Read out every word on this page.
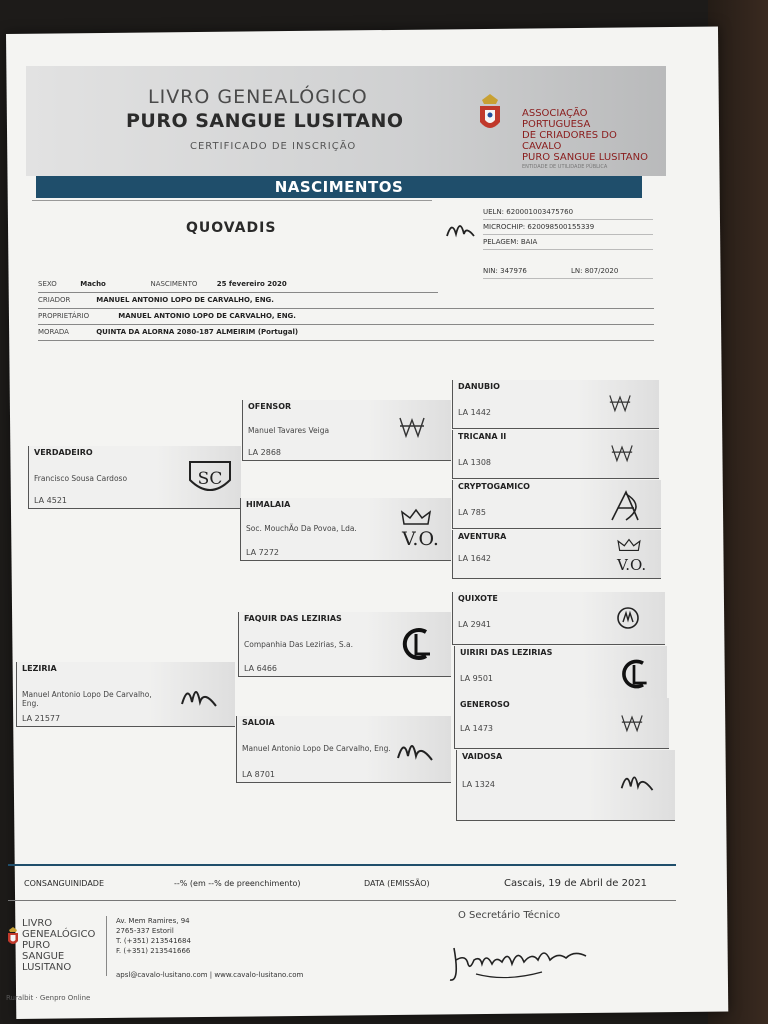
LIVRO GENEALÓGICO
PURO SANGUE LUSITANO
CERTIFICADO DE INSCRIÇÃO
ASSOCIAÇÃO PORTUGUESA
DE CRIADORES DO CAVALO
PURO SANGUE LUSITANO
ENTIDADE DE UTILIDADE PÚBLICA
NASCIMENTOS
QUOVADIS
UELN: 620001003475760
MICROCHIP: 620098500155339
PELAGEM: BAIA
NIN: 347976	LN: 807/2020
SEXO	Macho	NASCIMENTO	25 fevereiro 2020
CRIADOR	MANUEL ANTONIO LOPO DE CARVALHO, ENG.
PROPRIETÁRIO	MANUEL ANTONIO LOPO DE CARVALHO, ENG.
MORADA	QUINTA DA ALORNA 2080-187 ALMEIRIM (Portugal)
VERDADEIRO
Francisco Sousa Cardoso
LA 4521
SC
LEZIRIA
Manuel Antonio Lopo De Carvalho, Eng.
LA 21577
OFENSOR
Manuel Tavares Veiga
LA 2868
HIMALAIA
Soc. MouchÃo Da Povoa, Lda.
LA 7272
V.O.
FAQUIR DAS LEZIRIAS
Companhia Das Lezirias, S.a.
LA 6466
SALOIA
Manuel Antonio Lopo De Carvalho, Eng.
LA 8701
DANUBIO
LA 1442
TRICANA II
LA 1308
CRYPTOGAMICO
LA 785
AVENTURA
LA 1642	V.O.
QUIXOTE
LA 2941
UIRIRI DAS LEZIRIAS
LA 9501
GENEROSO
LA 1473
VAIDOSA
LA 1324
CONSANGUINIDADE	--% (em --% de preenchimento)	DATA (EMISSÃO)	Cascais, 19 de Abril de 2021
LIVRO
GENEALÓGICO
PURO
SANGUE
LUSITANO
Av. Mem Ramires, 94
2765-337 Estoril
T. (+351) 213541684
F. (+351) 213541666
apsl@cavalo-lusitano.com | www.cavalo-lusitano.com
O Secretário Técnico
Ruralbit · Genpro Online
